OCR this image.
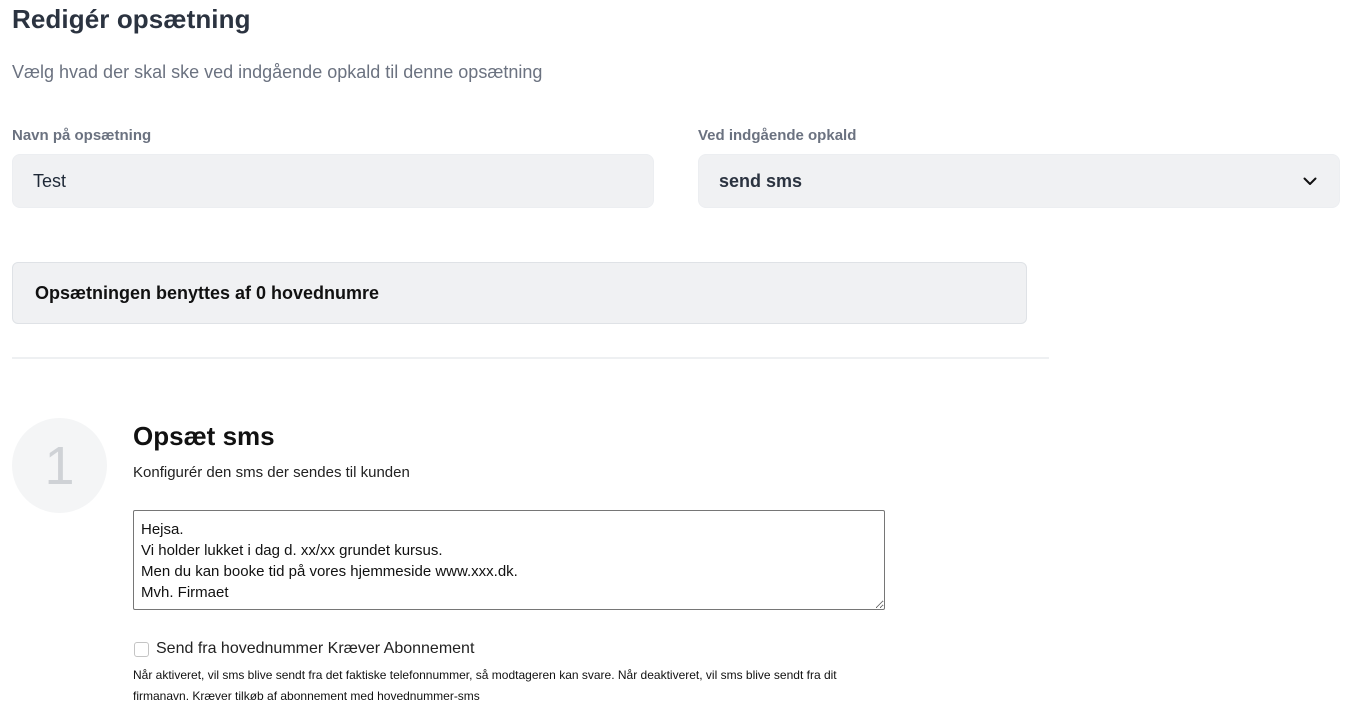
Redigér opsætning

Vælg hvad der skal ske ved indgående opkald til denne opsætning

Navn på opsætning
Test	Ved indgående opkald
send sms
Opsætningen benyttes af 0 hovednumre
1 Opsæt sms

Konfigurér den sms der sendes til kunden

Hejsa. Vi holder lukket i dag d. xx/xx grundet kursus. Men du kan booke tid på vores hjemmeside www.xxx.dk. Mvh. Firmaet
Send fra hovednummer Kræver Abonnement

Når aktiveret, vil sms blive sendt fra det faktiske telefonnummer, så modtageren kan svare. Når deaktiveret, vil sms blive sendt fra dit firmanavn. Kræver tilkøb af abonnement med hovednummer-sms
